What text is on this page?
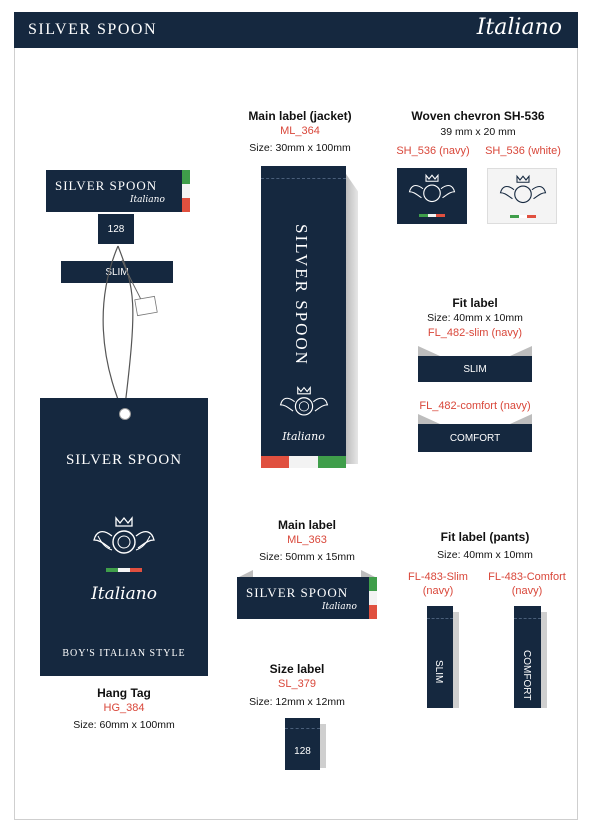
SILVER SPOON	Italiano
SILVER SPOON
Italiano
128
SLIM
SILVER SPOON
Italiano
BOY'S ITALIAN STYLE
Hang Tag
HG_384
Size: 60mm x 100mm
Main label (jacket)
ML_364
Size: 30mm x 100mm
SILVER SPOON
Italiano
Woven chevron SH-536
39 mm x 20 mm
SH_536 (navy)	SH_536 (white)
Fit label
Size: 40mm x 10mm
FL_482-slim (navy)
SLIM
FL_482-comfort (navy)
COMFORT
Main label
ML_363
Size: 50mm x 15mm
SILVER SPOON
Italiano
Size label
SL_379
Size: 12mm x 12mm
128
Fit label (pants)
Size: 40mm x 10mm
FL-483-Slim
(navy)
FL-483-Comfort
(navy)
SLIM	COMFORT
